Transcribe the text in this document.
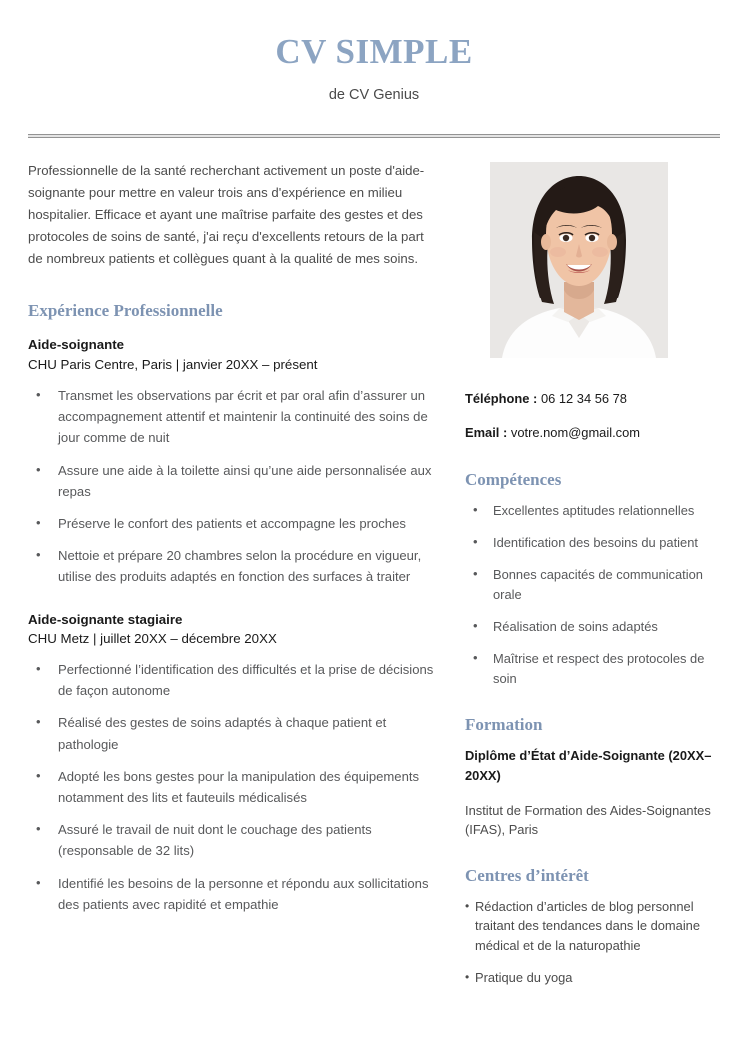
CV SIMPLE
de CV Genius
Professionnelle de la santé recherchant activement un poste d'aide-soignante pour mettre en valeur trois ans d'expérience en milieu hospitalier. Efficace et ayant une maîtrise parfaite des gestes et des protocoles de soins de santé, j'ai reçu d'excellents retours de la part de nombreux patients et collègues quant à la qualité de mes soins.
Expérience Professionnelle
Aide-soignante
CHU Paris Centre, Paris | janvier 20XX – présent
• Transmet les observations par écrit et par oral afin d’assurer un accompagnement attentif et maintenir la continuité des soins de jour comme de nuit
• Assure une aide à la toilette ainsi qu’une aide personnalisée aux repas
• Préserve le confort des patients et accompagne les proches
• Nettoie et prépare 20 chambres selon la procédure en vigueur, utilise des produits adaptés en fonction des surfaces à traiter
Aide-soignante stagiaire
CHU Metz | juillet 20XX – décembre 20XX
• Perfectionné l’identification des difficultés et la prise de décisions de façon autonome
• Réalisé des gestes de soins adaptés à chaque patient et pathologie
• Adopté les bons gestes pour la manipulation des équipements notamment des lits et fauteuils médicalisés
• Assuré le travail de nuit dont le couchage des patients (responsable de 32 lits)
• Identifié les besoins de la personne et répondu aux sollicitations des patients avec rapidité et empathie
Téléphone : 06 12 34 56 78
Email : votre.nom@gmail.com
Compétences
• Excellentes aptitudes relationnelles
• Identification des besoins du patient
• Bonnes capacités de communication orale
• Réalisation de soins adaptés
• Maîtrise et respect des protocoles de soin
Formation
Diplôme d’État d’Aide-Soignante (20XX–20XX)
Institut de Formation des Aides-Soignantes (IFAS), Paris
Centres d’intérêt
• Rédaction d’articles de blog personnel traitant des tendances dans le domaine médical et de la naturopathie
• Pratique du yoga
